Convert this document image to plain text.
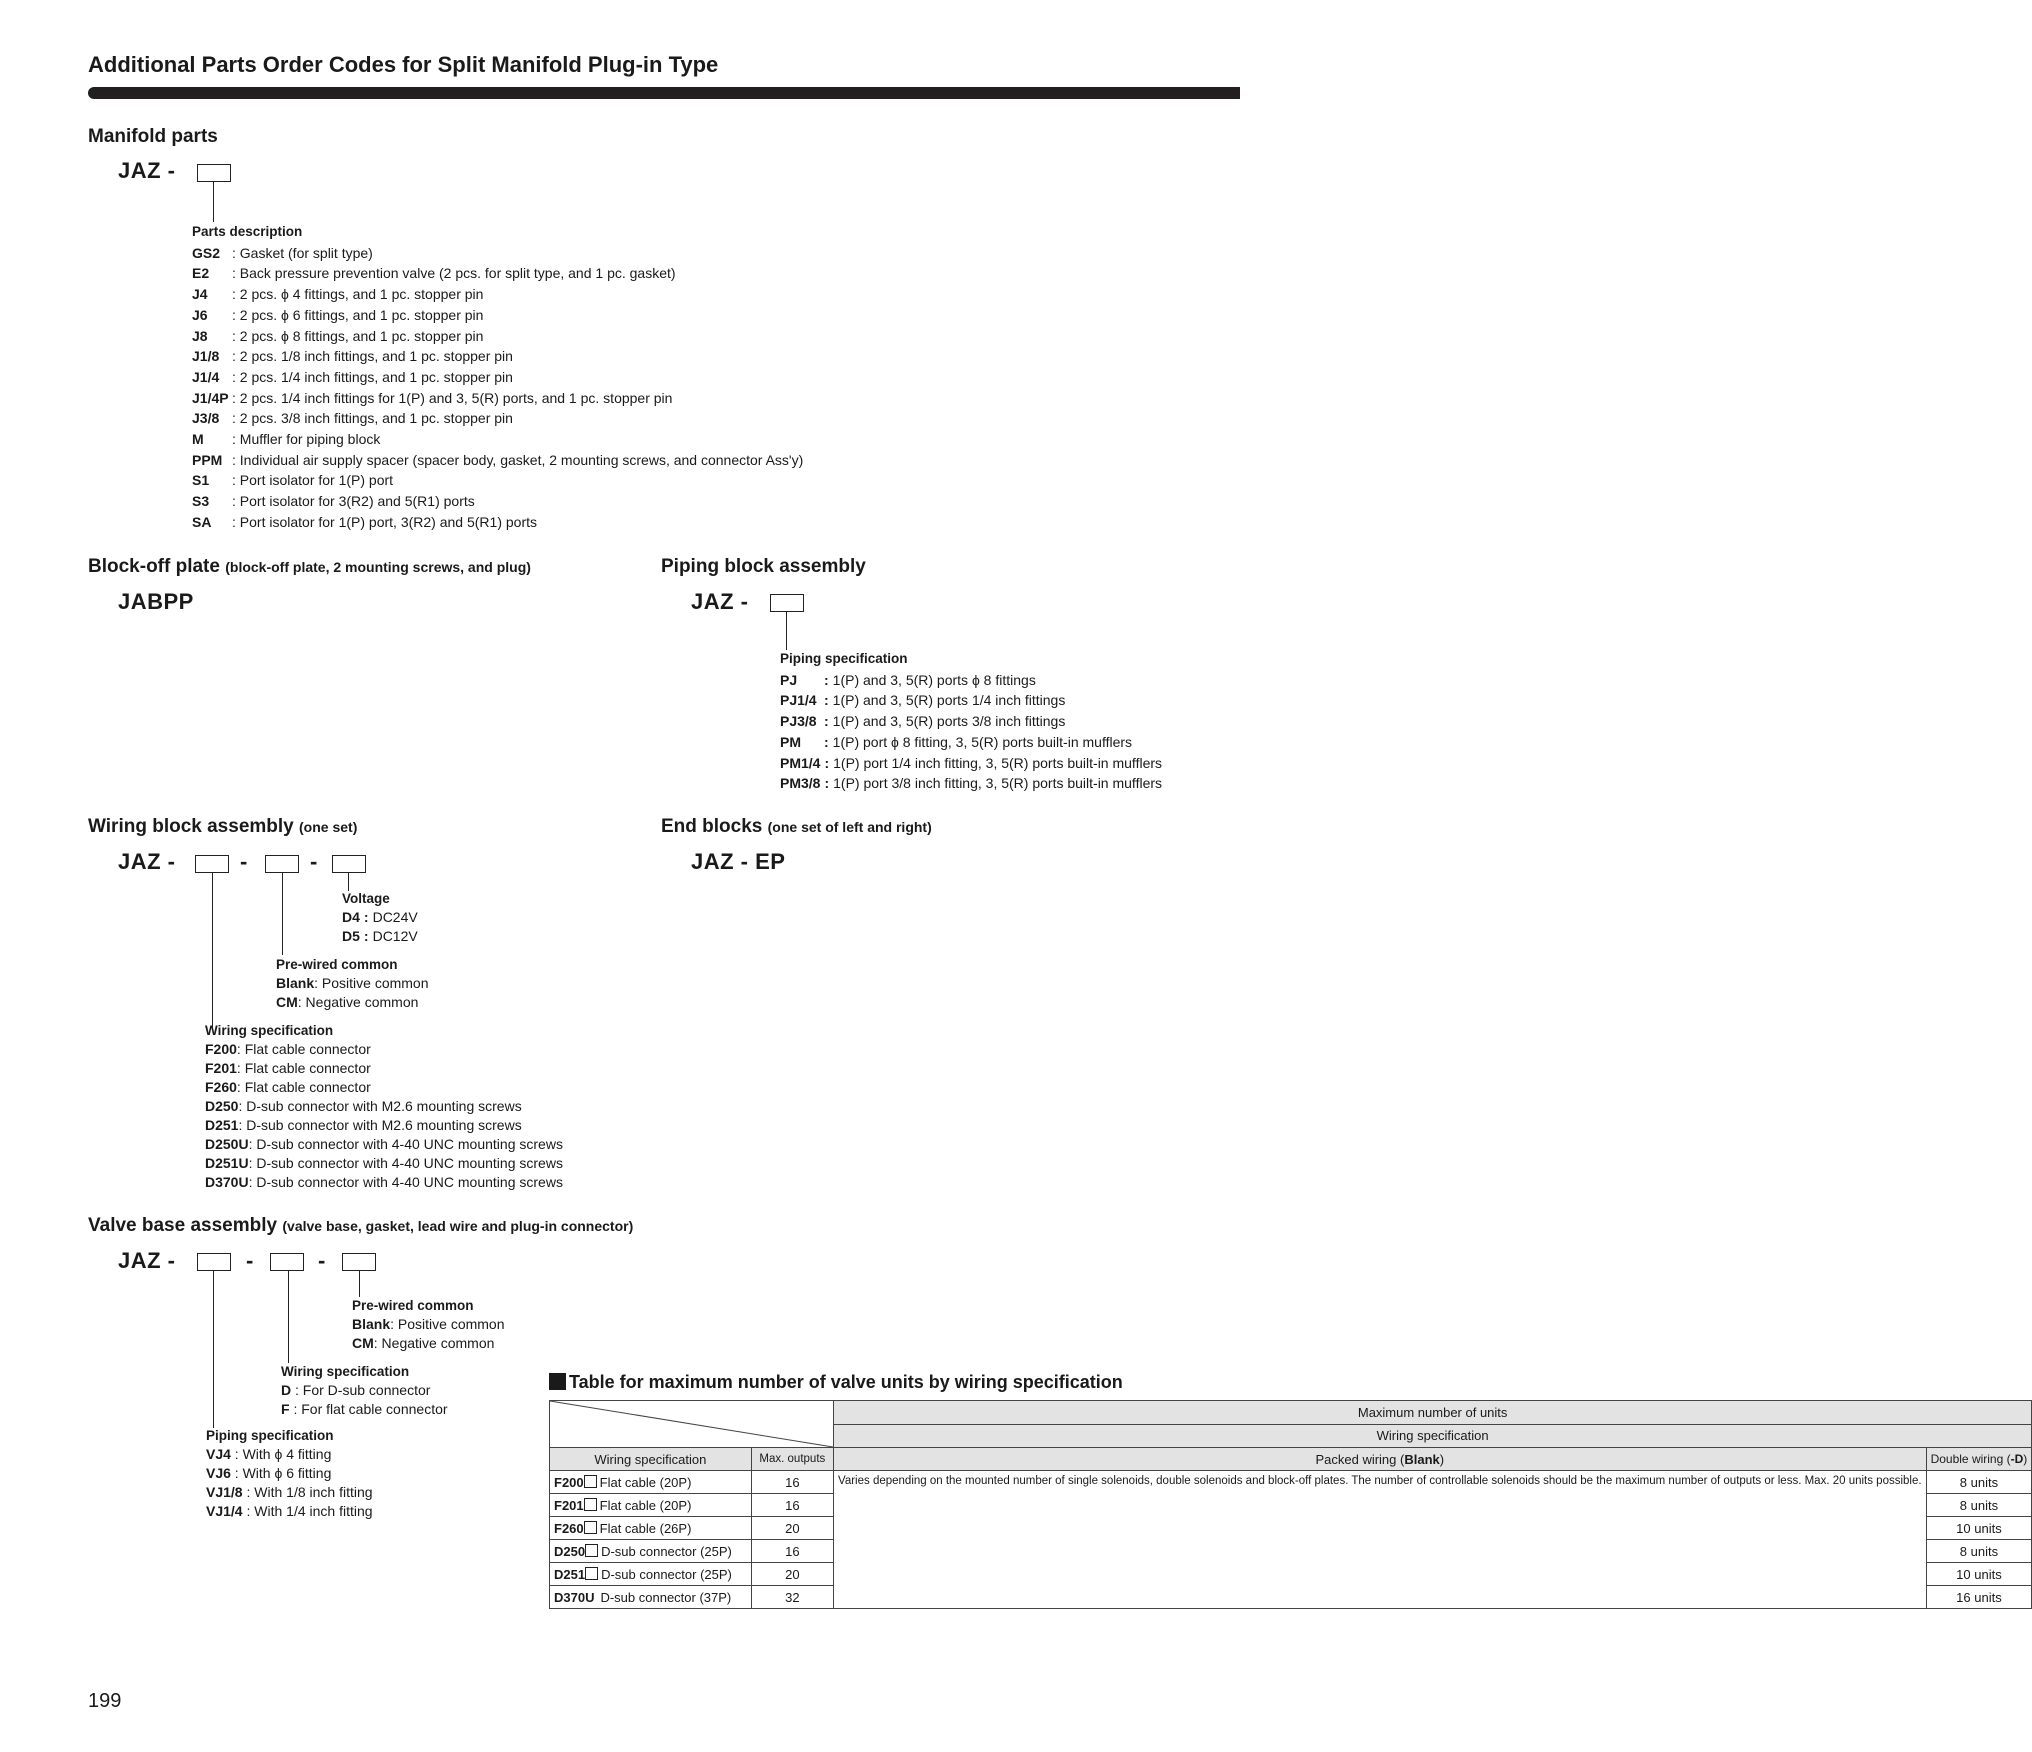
Additional Parts Order Codes for Split Manifold Plug-in Type
Manifold parts
JAZ -
Parts description
GS2 : Gasket (for split type)
E2 : Back pressure prevention valve (2 pcs. for split type, and 1 pc. gasket)
J4 : 2 pcs. ϕ 4 fittings, and 1 pc. stopper pin
J6 : 2 pcs. ϕ 6 fittings, and 1 pc. stopper pin
J8 : 2 pcs. ϕ 8 fittings, and 1 pc. stopper pin
J1/8 : 2 pcs. 1/8 inch fittings, and 1 pc. stopper pin
J1/4 : 2 pcs. 1/4 inch fittings, and 1 pc. stopper pin
J1/4P : 2 pcs. 1/4 inch fittings for 1(P) and 3, 5(R) ports, and 1 pc. stopper pin
J3/8 : 2 pcs. 3/8 inch fittings, and 1 pc. stopper pin
M : Muffler for piping block
PPM : Individual air supply spacer (spacer body, gasket, 2 mounting screws, and connector Ass'y)
S1 : Port isolator for 1(P) port
S3 : Port isolator for 3(R2) and 5(R1) ports
SA : Port isolator for 1(P) port, 3(R2) and 5(R1) ports
Block-off plate (block-off plate, 2 mounting screws, and plug)
JABPP
Piping block assembly
JAZ -
Piping specification
PJ : 1(P) and 3, 5(R) ports ϕ 8 fittings
PJ1/4 : 1(P) and 3, 5(R) ports 1/4 inch fittings
PJ3/8 : 1(P) and 3, 5(R) ports 3/8 inch fittings
PM : 1(P) port ϕ 8 fitting, 3, 5(R) ports built-in mufflers
PM1/4 : 1(P) port 1/4 inch fitting, 3, 5(R) ports built-in mufflers
PM3/8 : 1(P) port 3/8 inch fitting, 3, 5(R) ports built-in mufflers
Wiring block assembly (one set)
JAZ -	-	-
Voltage
D4 : DC24V
D5 : DC12V
Pre-wired common
Blank: Positive common
CM: Negative common
Wiring specification
F200: Flat cable connector
F201: Flat cable connector
F260: Flat cable connector
D250: D-sub connector with M2.6 mounting screws
D251: D-sub connector with M2.6 mounting screws
D250U: D-sub connector with 4-40 UNC mounting screws
D251U: D-sub connector with 4-40 UNC mounting screws
D370U: D-sub connector with 4-40 UNC mounting screws
End blocks (one set of left and right)
JAZ - EP
Valve base assembly (valve base, gasket, lead wire and plug-in connector)
JAZ -	-	-
Pre-wired common
Blank: Positive common
CM: Negative common
Wiring specification
D : For D-sub connector
F : For flat cable connector
Piping specification
VJ4 : With ϕ 4 fitting
VJ6 : With ϕ 6 fitting
VJ1/8 : With 1/8 inch fitting
VJ1/4 : With 1/4 inch fitting
Table for maximum number of valve units by wiring specification
	Maximum number of units	
		Wiring specification	
Wiring specification	Max. outputs	Packed wiring (Blank)	Double wiring (-D)
F200 Flat cable (20P)	16	Varies depending on the mounted number of single solenoids, double solenoids and block-off plates. The number of controllable solenoids should be the maximum number of outputs or less. Max. 20 units possible.	8 units
F201 Flat cable (20P)	16		8 units
F260 Flat cable (26P)	20		10 units
D250 D-sub connector (25P)	16		8 units
D251 D-sub connector (25P)	20		10 units
D370U D-sub connector (37P)	32		16 units
199
